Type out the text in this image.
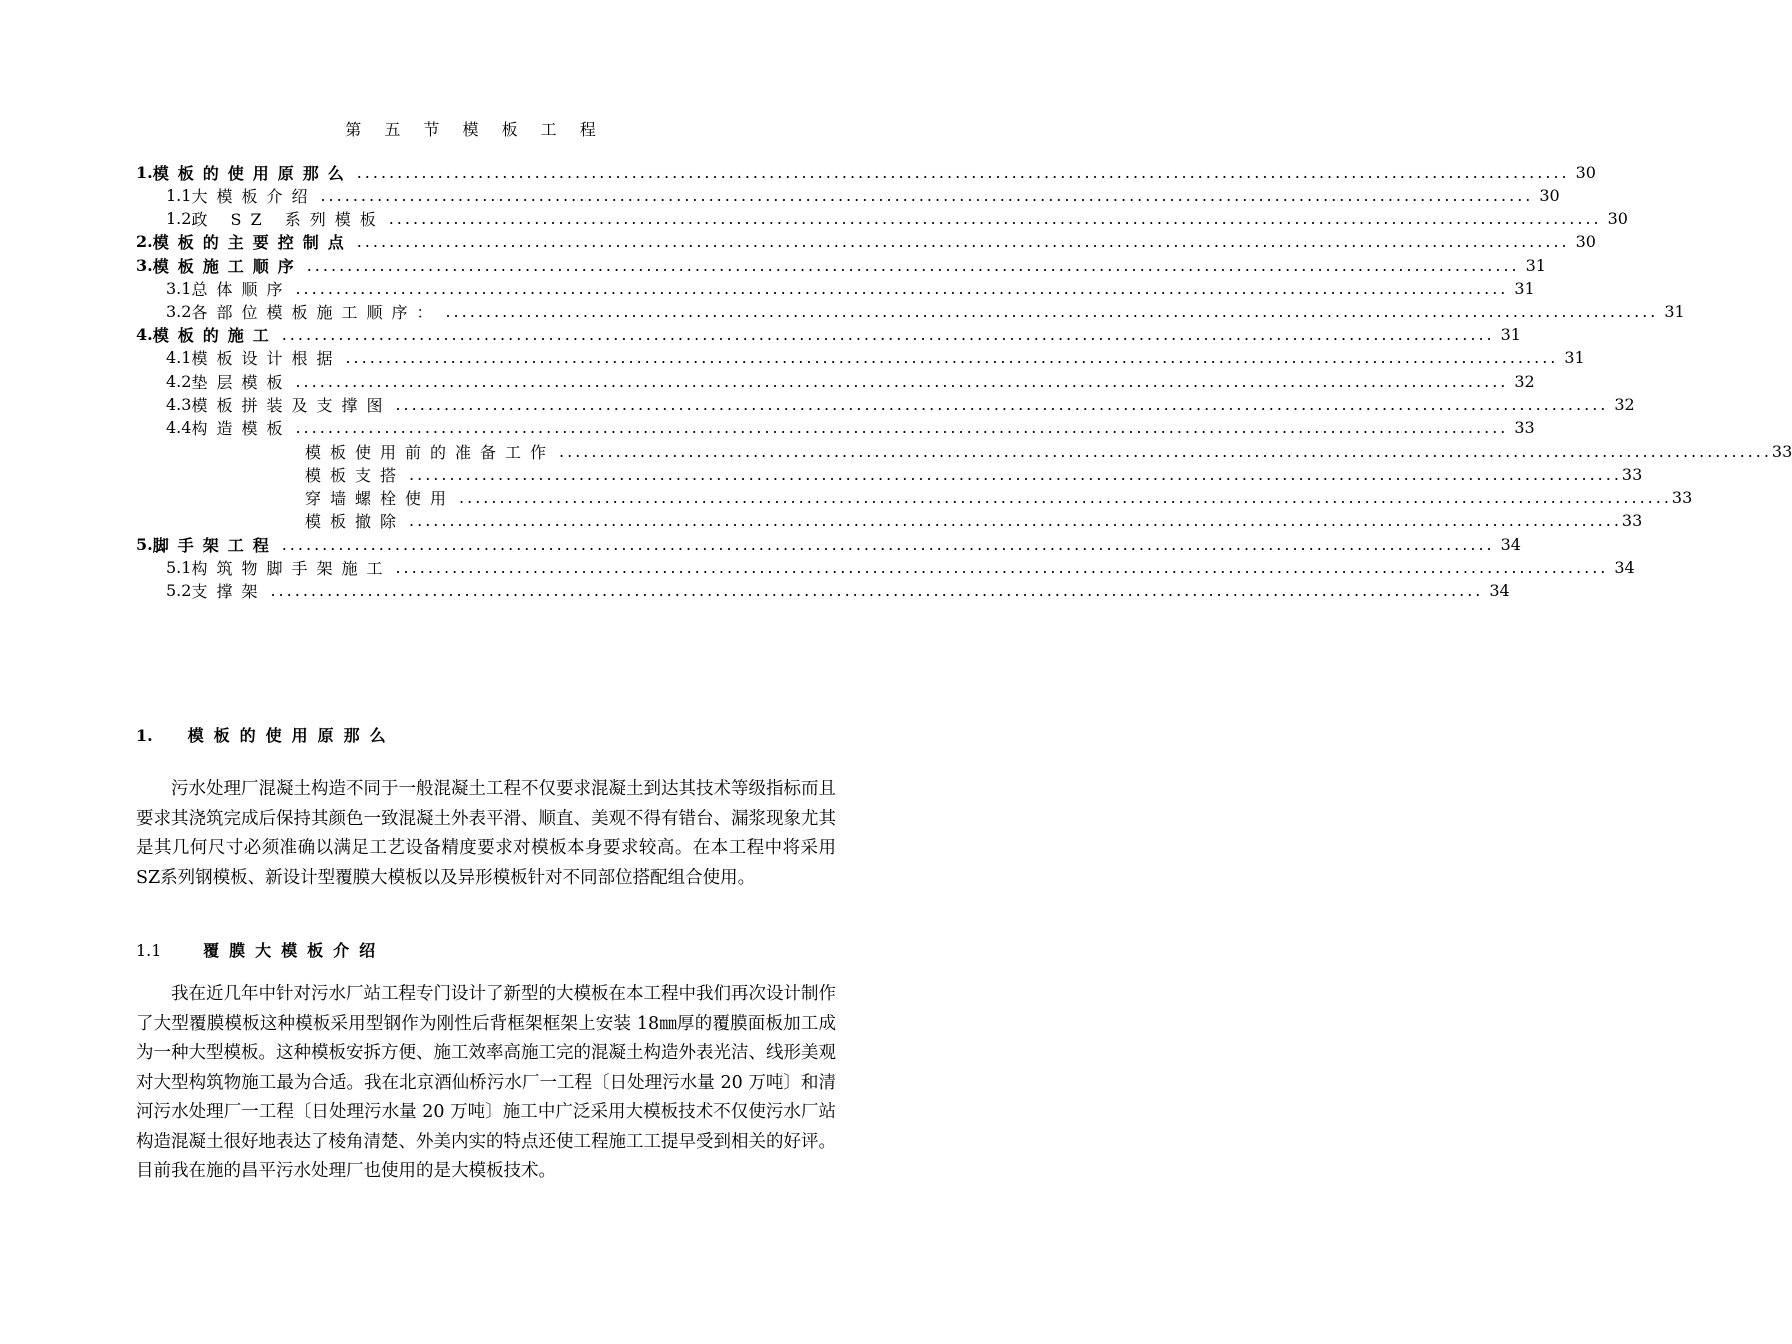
第 五 节 模 板 工 程
1. 模板的使用原那么 ...................................................................................................................................................... 30
1.1 大模板介绍 ...................................................................................................................................................... 30
1.2 政 SZ 系列模板 ...................................................................................................................................................... 30
2. 模板的主要控制点 ...................................................................................................................................................... 30
3. 模板施工顺序 ...................................................................................................................................................... 31
3.1 总体顺序 ...................................................................................................................................................... 31
3.2 各部位模板施工顺序： ...................................................................................................................................................... 31
4. 模板的施工 ...................................................................................................................................................... 31
4.1 模板设计根据 ...................................................................................................................................................... 31
4.2 垫层模板 ...................................................................................................................................................... 32
4.3 模板拼装及支撑图 ...................................................................................................................................................... 32
4.4 构造模板 ...................................................................................................................................................... 33
模板使用前的准备工作 ...................................................................................................................................................... 33
模板支搭 ...................................................................................................................................................... 33
穿墙螺栓使用 ...................................................................................................................................................... 33
模板撤除 ...................................................................................................................................................... 33
5. 脚手架工程 ...................................................................................................................................................... 34
5.1 构筑物脚手架施工 ...................................................................................................................................................... 34
5.2 支撑架 ...................................................................................................................................................... 34
1. 模板的使用原那么

污水处理厂混凝土构造不同于一般混凝土工程不仅要求混凝土到达其技术等级指标而且要求其浇筑完成后保持其颜色一致混凝土外表平滑、顺直、美观不得有错台、漏浆现象尤其是其几何尺寸必须准确以满足工艺设备精度要求对模板本身要求较高。在本工程中将采用SZ系列钢模板、新设计型覆膜大模板以及异形模板针对不同部位搭配组合使用。

1.1	覆膜大模板介绍

我在近几年中针对污水厂站工程专门设计了新型的大模板在本工程中我们再次设计制作了大型覆膜模板这种模板采用型钢作为刚性后背框架框架上安装 18㎜厚的覆膜面板加工成为一种大型模板。这种模板安拆方便、施工效率高施工完的混凝土构造外表光洁、线形美观对大型构筑物施工最为合适。我在北京酒仙桥污水厂一工程〔日处理污水量 20 万吨〕和清河污水处理厂一工程〔日处理污水量 20 万吨〕施工中广泛采用大模板技术不仅使污水厂站构造混凝土很好地表达了棱角清楚、外美内实的特点还使工程施工工提早受到相关的好评。目前我在施的昌平污水处理厂也使用的是大模板技术。
